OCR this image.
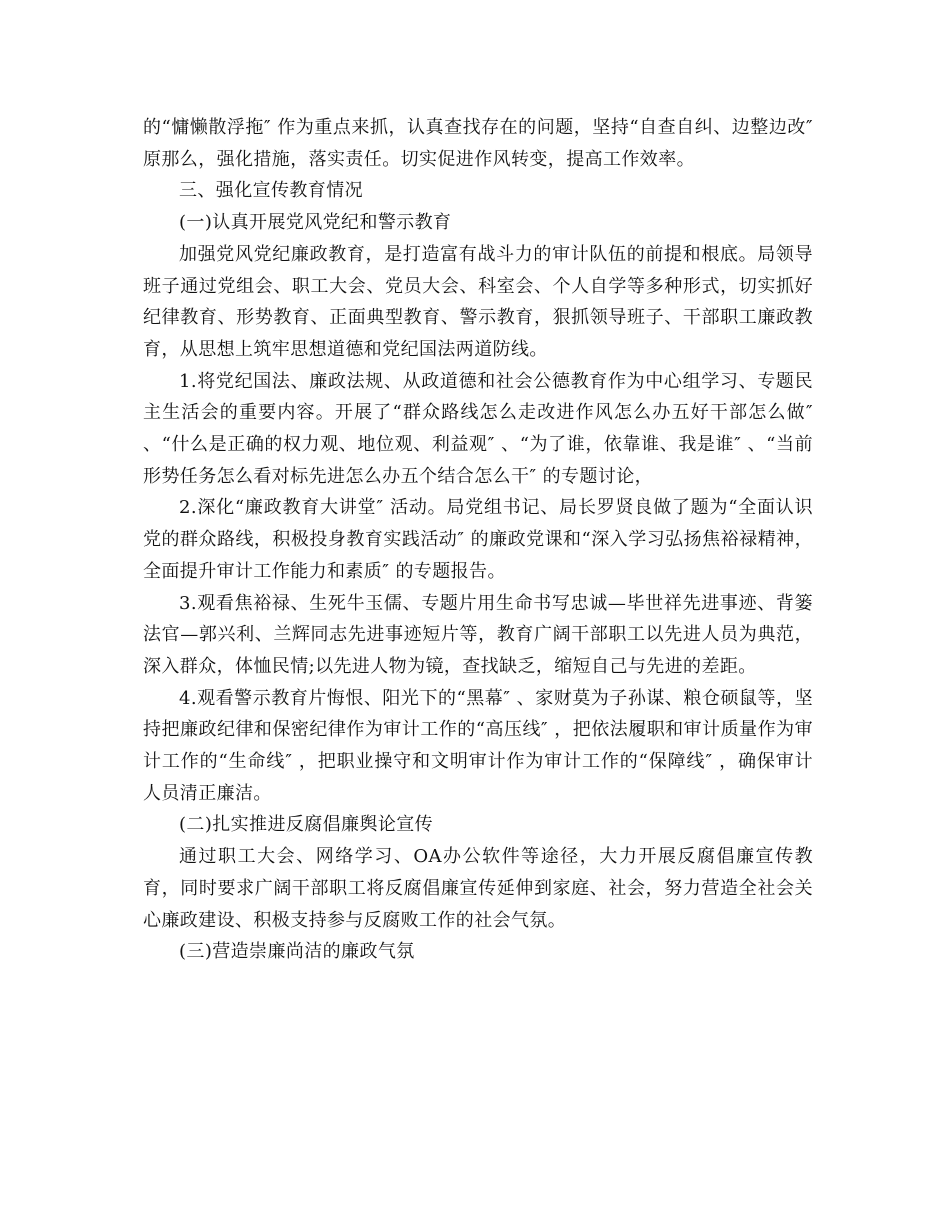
的“慵懒散浮拖″ 作为重点来抓，认真查找存在的问题，坚持“自查自纠、边整边改″ 原那么，强化措施，落实责任。切实促进作风转变，提高工作效率。

三、强化宣传教育情况

(一)认真开展党风党纪和警示教育

加强党风党纪廉政教育，是打造富有战斗力的审计队伍的前提和根底。局领导班子通过党组会、职工大会、党员大会、科室会、个人自学等多种形式，切实抓好纪律教育、形势教育、正面典型教育、警示教育，狠抓领导班子、干部职工廉政教育，从思想上筑牢思想道德和党纪国法两道防线。

1.将党纪国法、廉政法规、从政道德和社会公德教育作为中心组学习、专题民主生活会的重要内容。开展了“群众路线怎么走改进作风怎么办五好干部怎么做″ 、“什么是正确的权力观、地位观、利益观″ 、“为了谁，依靠谁、我是谁″ 、“当前形势任务怎么看对标先进怎么办五个结合怎么干″ 的专题讨论，

2.深化“廉政教育大讲堂″ 活动。局党组书记、局长罗贤良做了题为“全面认识党的群众路线，积极投身教育实践活动″ 的廉政党课和“深入学习弘扬焦裕禄精神，全面提升审计工作能力和素质″ 的专题报告。

3.观看焦裕禄、生死牛玉儒、专题片用生命书写忠诚—毕世祥先进事迹、背篓法官—郭兴利、兰辉同志先进事迹短片等，教育广阔干部职工以先进人员为典范，深入群众，体恤民情;以先进人物为镜，查找缺乏，缩短自己与先进的差距。

4.观看警示教育片悔恨、阳光下的“黑幕″ 、家财莫为子孙谋、粮仓硕鼠等，坚持把廉政纪律和保密纪律作为审计工作的“高压线″ ，把依法履职和审计质量作为审计工作的“生命线″ ，把职业操守和文明审计作为审计工作的“保障线″ ，确保审计人员清正廉洁。

(二)扎实推进反腐倡廉舆论宣传

通过职工大会、网络学习、OA办公软件等途径，大力开展反腐倡廉宣传教育，同时要求广阔干部职工将反腐倡廉宣传延伸到家庭、社会，努力营造全社会关心廉政建设、积极支持参与反腐败工作的社会气氛。

(三)营造崇廉尚洁的廉政气氛
